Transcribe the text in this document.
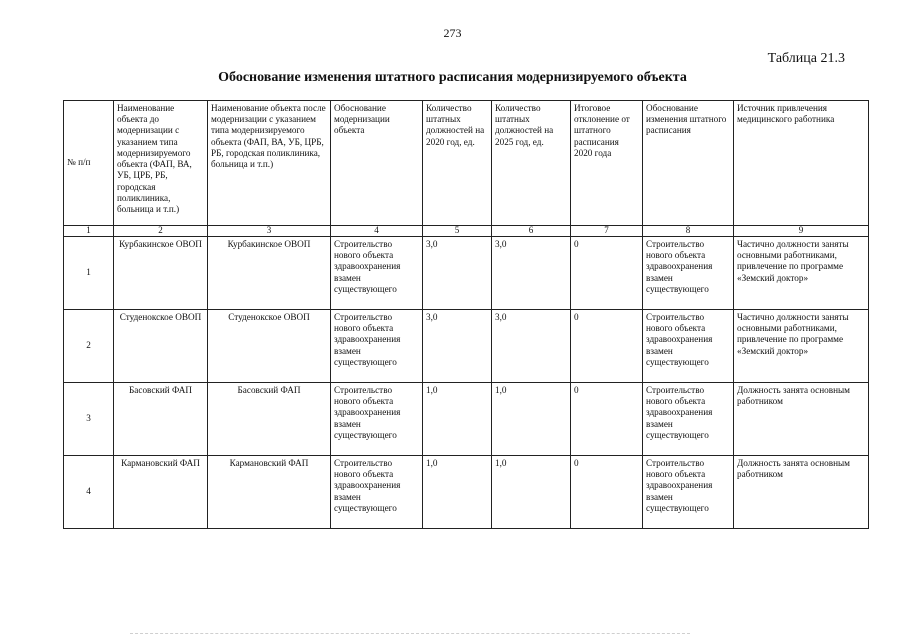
273
Таблица 21.3
Обоснование изменения штатного расписания модернизируемого объекта
№ п/п	Наименование объекта до модернизации с указанием типа модернизируемого объекта (ФАП, ВА, УБ, ЦРБ, РБ, городская поликлиника, больница и т.п.)	Наименование объекта после модернизации с указанием типа модернизируемого объекта (ФАП, ВА, УБ, ЦРБ, РБ, городская поликлиника, больница и т.п.)	Обоснование модернизации объекта	Количество штатных должностей на 2020 год, ед.	Количество штатных должностей на 2025 год, ед.	Итоговое отклонение от штатного расписания 2020 года	Обоснование изменения штатного расписания	Источник привлечения медицинского работника
1	2	3	4	5	6	7	8	9
1	Курбакинское ОВОП	Курбакинское ОВОП	Строительство нового объекта здравоохранения взамен существующего	3,0	3,0	0	Строительство нового объекта здравоохранения взамен существующего	Частично должности заняты основными работниками, привлечение по программе «Земский доктор»
2	Студенокское ОВОП	Студенокское ОВОП	Строительство нового объекта здравоохранения взамен существующего	3,0	3,0	0	Строительство нового объекта здравоохранения взамен существующего	Частично должности заняты основными работниками, привлечение по программе «Земский доктор»
3	Басовский ФАП	Басовский ФАП	Строительство нового объекта здравоохранения взамен существующего	1,0	1,0	0	Строительство нового объекта здравоохранения взамен существующего	Должность занята основным работником
4	Кармановский ФАП	Кармановский ФАП	Строительство нового объекта здравоохранения взамен существующего	1,0	1,0	0	Строительство нового объекта здравоохранения взамен существующего	Должность занята основным работником
